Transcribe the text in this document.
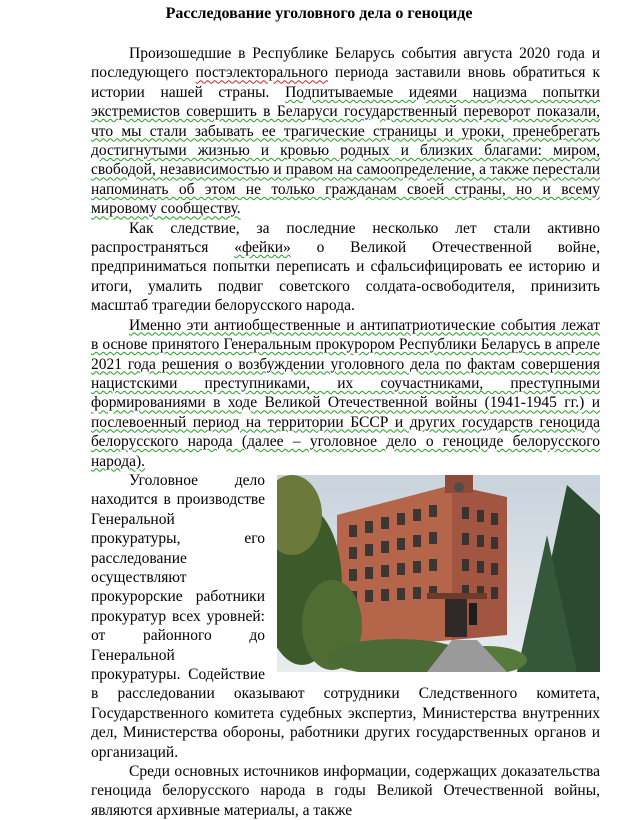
Расследование уголовного дела о геноциде

Произошедшие в Республике Беларусь события августа 2020 года и последующего постэлекторального периода заставили вновь обратиться к истории нашей страны. Подпитываемые идеями нацизма попытки экстремистов совершить в Беларуси государственный переворот показали, что мы стали забывать ее трагические страницы и уроки, пренебрегать достигнутыми жизнью и кровью родных и близких благами: миром, свободой, независимостью и правом на самоопределение, а также перестали напоминать об этом не только гражданам своей страны, но и всему мировому сообществу.

Как следствие, за последние несколько лет стали активно распространяться «фейки» о Великой Отечественной войне, предприниматься попытки переписать и сфальсифицировать ее историю и итоги, умалить подвиг советского солдата-освободителя, принизить масштаб трагедии белорусского народа.

Именно эти антиобщественные и антипатриотические события лежат в основе принятого Генеральным прокурором Республики Беларусь в апреле 2021 года решения о возбуждении уголовного дела по фактам совершения нацистскими преступниками, их соучастниками, преступными формированиями в ходе Великой Отечественной войны (1941-1945 гг.) и послевоенный период на территории БССР и других государств геноцида белорусского народа (далее – уголовное дело о геноциде белорусского народа).

Уголовное дело находится в производстве Генеральной прокуратуры, его расследование осуществляют прокурорские работники прокуратур всех уровней: от районного до Генеральной прокуратуры. Содействие в расследовании оказывают сотрудники Следственного комитета, Государственного комитета судебных экспертиз, Министерства внутренних дел, Министерства обороны, работники других государственных органов и организаций.

Среди основных источников информации, содержащих доказательства геноцида белорусского народа в годы Великой Отечественной войны, являются архивные материалы, а также
